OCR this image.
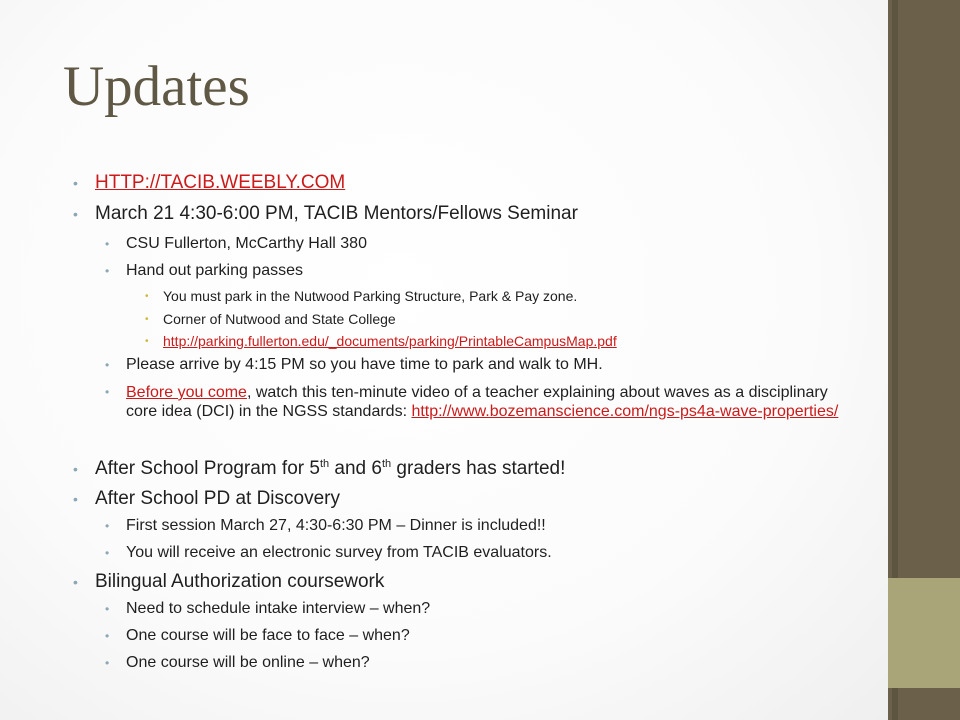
Updates
• HTTP://TACIB.WEEBLY.COM
• March 21 4:30-6:00 PM, TACIB Mentors/Fellows Seminar
• CSU Fullerton, McCarthy Hall 380
• Hand out parking passes
• You must park in the Nutwood Parking Structure, Park & Pay zone.
• Corner of Nutwood and State College
• http://parking.fullerton.edu/_documents/parking/PrintableCampusMap.pdf
• Please arrive by 4:15 PM so you have time to park and walk to MH.
• Before you come, watch this ten-minute video of a teacher explaining about waves as a disciplinary core idea (DCI) in the NGSS standards: http://www.bozemanscience.com/ngs-ps4a-wave-properties/
• After School Program for 5th and 6th graders has started!
• After School PD at Discovery
• First session March 27, 4:30-6:30 PM – Dinner is included!!
• You will receive an electronic survey from TACIB evaluators.
• Bilingual Authorization coursework
• Need to schedule intake interview – when?
• One course will be face to face – when?
• One course will be online – when?
